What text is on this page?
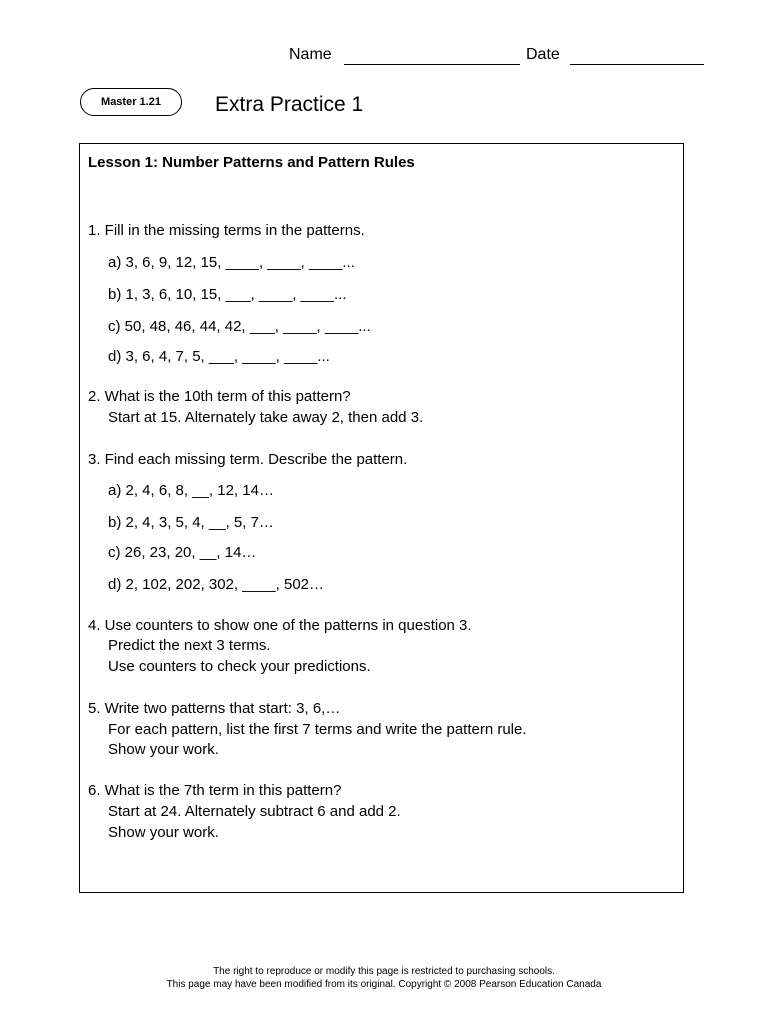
Name	Date
Master 1.21	Extra Practice 1
Lesson 1: Number Patterns and Pattern Rules
1. Fill in the missing terms in the patterns.
a) 3, 6, 9, 12, 15, ____, ____, ____...
b) 1, 3, 6, 10, 15, ___, ____, ____...
c) 50, 48, 46, 44, 42, ___, ____, ____...
d) 3, 6, 4, 7, 5, ___, ____, ____...
2. What is the 10th term of this pattern?
Start at 15. Alternately take away 2, then add 3.
3. Find each missing term. Describe the pattern.
a) 2, 4, 6, 8, __, 12, 14…
b) 2, 4, 3, 5, 4, __, 5, 7…
c) 26, 23, 20, __, 14…
d) 2, 102, 202, 302, ____, 502…
4. Use counters to show one of the patterns in question 3.
Predict the next 3 terms.
Use counters to check your predictions.
5. Write two patterns that start: 3, 6,…
For each pattern, list the first 7 terms and write the pattern rule.
Show your work.
6. What is the 7th term in this pattern?
Start at 24. Alternately subtract 6 and add 2.
Show your work.
The right to reproduce or modify this page is restricted to purchasing schools.
This page may have been modified from its original. Copyright © 2008 Pearson Education Canada
